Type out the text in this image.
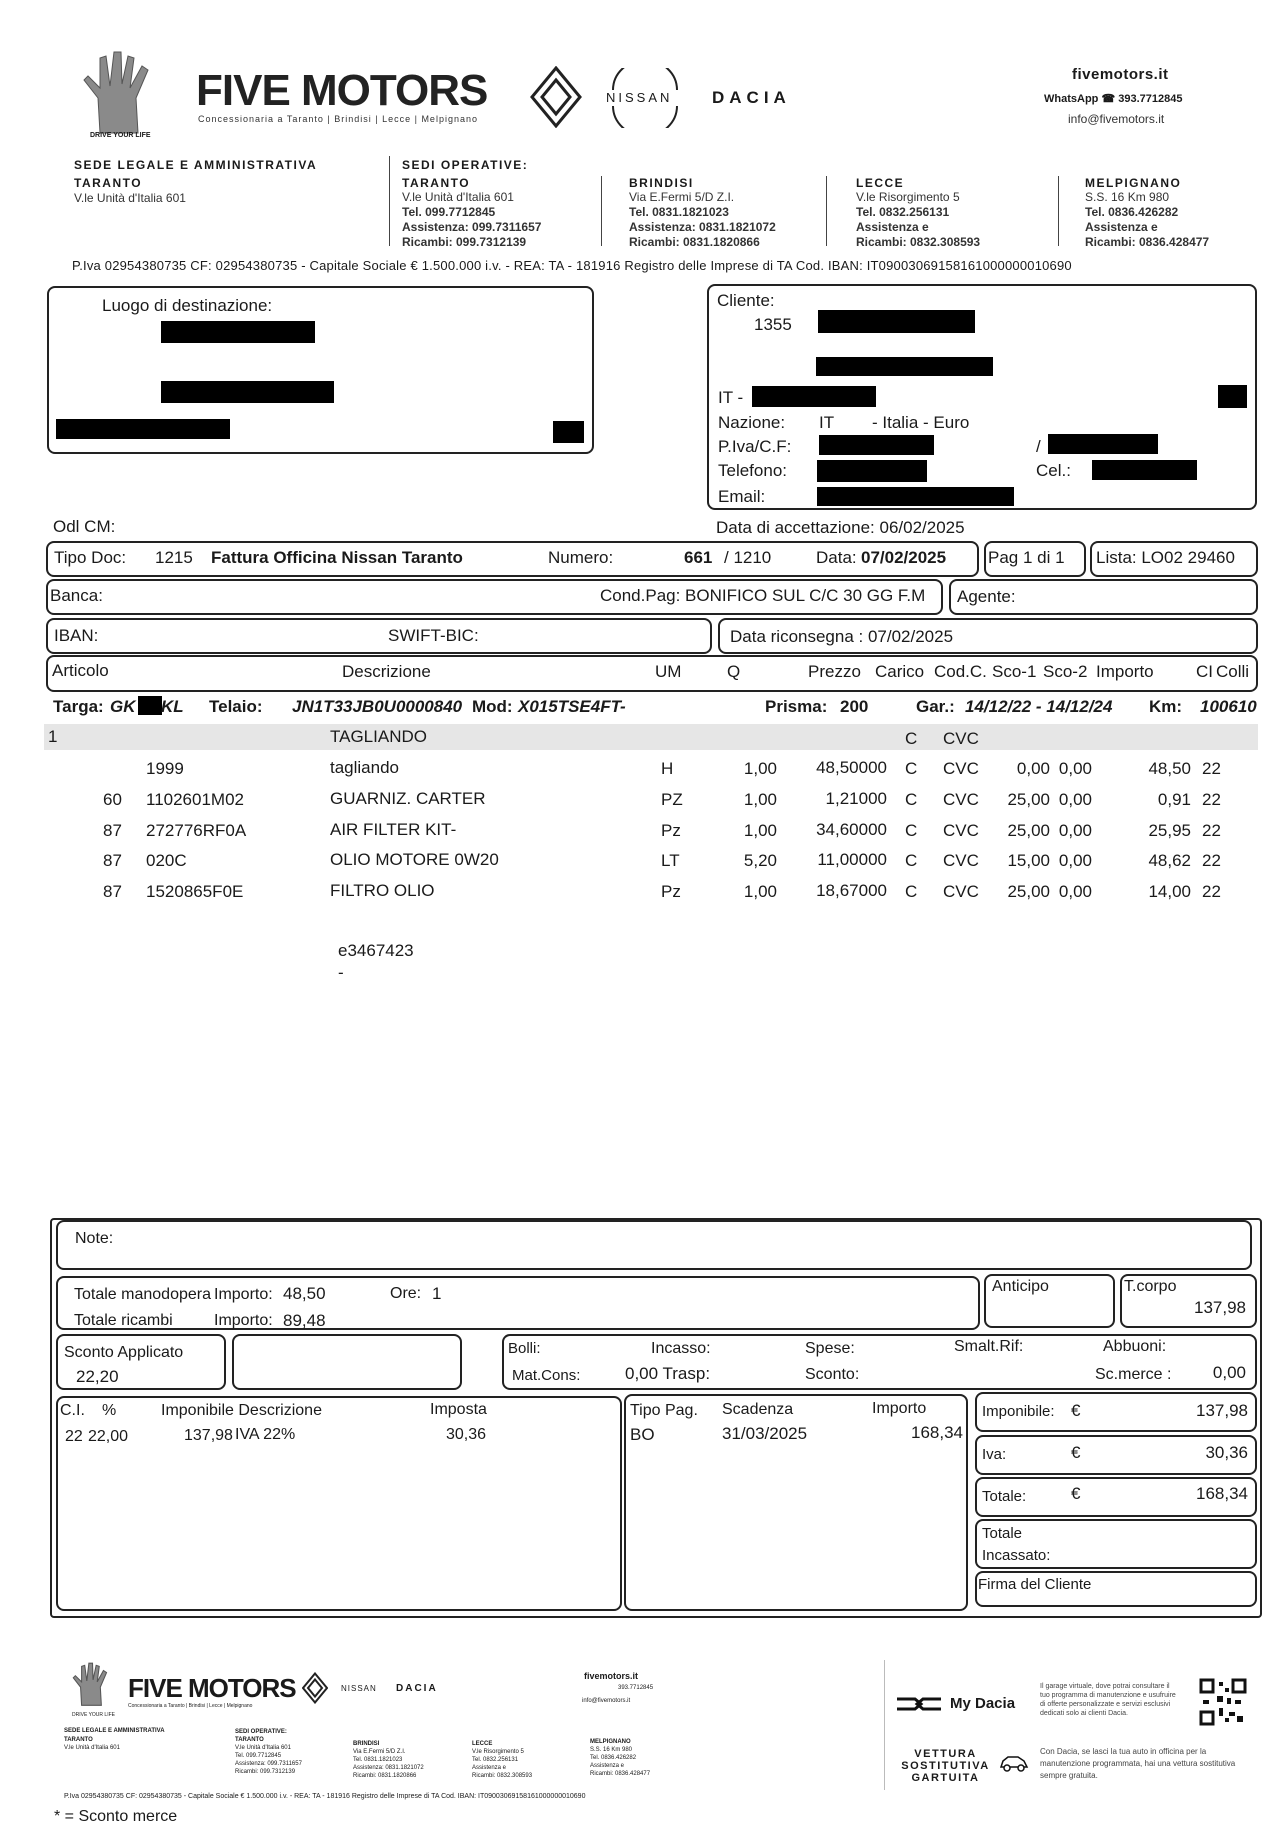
DRIVE YOUR LIFE
FIVE MOTORS
Concessionaria a Taranto | Brindisi | Lecce | Melpignano
NISSAN DACIA
fivemotors.it
WhatsApp ☎ 393.7712845
info@fivemotors.it
SEDE LEGALE E AMMINISTRATIVA
TARANTO
V.le Unità d'Italia 601
SEDI OPERATIVE:
TARANTO
V.le Unità d'Italia 601
Tel. 099.7712845
Assistenza: 099.7311657
Ricambi: 099.7312139
BRINDISI
Via E.Fermi 5/D Z.I.
Tel. 0831.1821023
Assistenza: 0831.1821072
Ricambi: 0831.1820866
LECCE
V.le Risorgimento 5
Tel. 0832.256131
Assistenza e
Ricambi: 0832.308593
MELPIGNANO
S.S. 16 Km 980
Tel. 0836.426282
Assistenza e
Ricambi: 0836.428477
P.Iva 02954380735 CF: 02954380735 - Capitale Sociale € 1.500.000 i.v. - REA: TA - 181916 Registro delle Imprese di TA Cod. IBAN: IT09003069158161000000010690
Luogo di destinazione:	Cliente:
1355
IT -
Nazione: IT - Italia - Euro
P.Iva/C.F:	/
Telefono:	Cel.:
Email:
Odl CM:	Data di accettazione: 06/02/2025
Tipo Doc: 1215 Fattura Officina Nissan Taranto	Numero:	661 / 1210	Data: 07/02/2025 Pag 1 di 1 Lista: LO02 29460
Banca:	Cond.Pag: BONIFICO SUL C/C 30 GG F.M Agente:
IBAN:	SWIFT-BIC:	Data riconsegna : 07/02/2025
Articolo	Descrizione	UM	Q	Prezzo Carico Cod.C. Sco-1 Sco-2 Importo CI Colli
Targa: GK KL Telaio: JN1T33JB0U0000840 Mod: X015TSE4FT-	Prisma: 200	Gar.: 14/12/22 - 14/12/24 Km: 100610
1	TAGLIANDO	C CVC
1999	tagliando	H	1,00	48,50000 C CVC	0,00 0,00	48,50 22
60 1102601M02	GUARNIZ. CARTER	PZ	1,00	1,21000 C CVC	25,00 0,00	0,91 22
87 272776RF0A	AIR FILTER KIT-	Pz	1,00	34,60000 C CVC	25,00 0,00	25,95 22
87 020C	OLIO MOTORE 0W20	LT	5,20	11,00000 C CVC	15,00 0,00	48,62 22
87 1520865F0E	FILTRO OLIO	Pz	1,00	18,67000 C CVC	25,00 0,00	14,00 22
e3467423
-
Note:
Totale manodopera Importo: 48,50	Ore: 1
Totale ricambi	Importo: 89,48
Anticipo	T.corpo
137,98
Sconto Applicato
22,20
Bolli:	Incasso:	Spese:	Smalt.Rif:	Abbuoni:
Mat.Cons:	0,00 Trasp:	Sconto:	Sc.merce :	0,00
C.I. %	Imponibile Descrizione	Imposta
22 22,00	137,98 IVA 22%	30,36
Tipo Pag. Scadenza	Importo
BO	31/03/2025	168,34
Imponibile: €	137,98
Iva:	€	30,36
Totale:	€	168,34
Totale
Incassato:
Firma del Cliente
FIVE MOTORS
Concessionaria a Taranto | Brindisi | Lecce | Melpignano
DRIVE YOUR LIFE
NISSAN DACIA
fivemotors.it
393.7712845
info@fivemotors.it
SEDE LEGALE E AMMINISTRATIVA
TARANTO
V.le Unità d'Italia 601
SEDI OPERATIVE:
TARANTO
V.le Unità d'Italia 601
Tel. 099.7712845
Assistenza: 099.7311657
Ricambi: 099.7312139
BRINDISI
Via E.Fermi 5/D Z.I.
Tel. 0831.1821023
Assistenza: 0831.1821072
Ricambi: 0831.1820866
LECCE
V.le Risorgimento 5
Tel. 0832.256131
Assistenza e
Ricambi: 0832.308593
MELPIGNANO
S.S. 16 Km 980
Tel. 0836.426282
Assistenza e
Ricambi: 0836.428477
P.Iva 02954380735 CF: 02954380735 - Capitale Sociale € 1.500.000 i.v. - REA: TA - 181916 Registro delle Imprese di TA Cod. IBAN: IT09003069158161000000010690
My Dacia
Il garage virtuale, dove potrai consultare il tuo programma di manutenzione e usufruire di offerte personalizzate e servizi esclusivi dedicati solo ai clienti Dacia.
VETTURA
SOSTITUTIVA
GARTUITA
Con Dacia, se lasci la tua auto in officina per la manutenzione programmata, hai una vettura sostitutiva sempre gratuita.
* = Sconto merce
